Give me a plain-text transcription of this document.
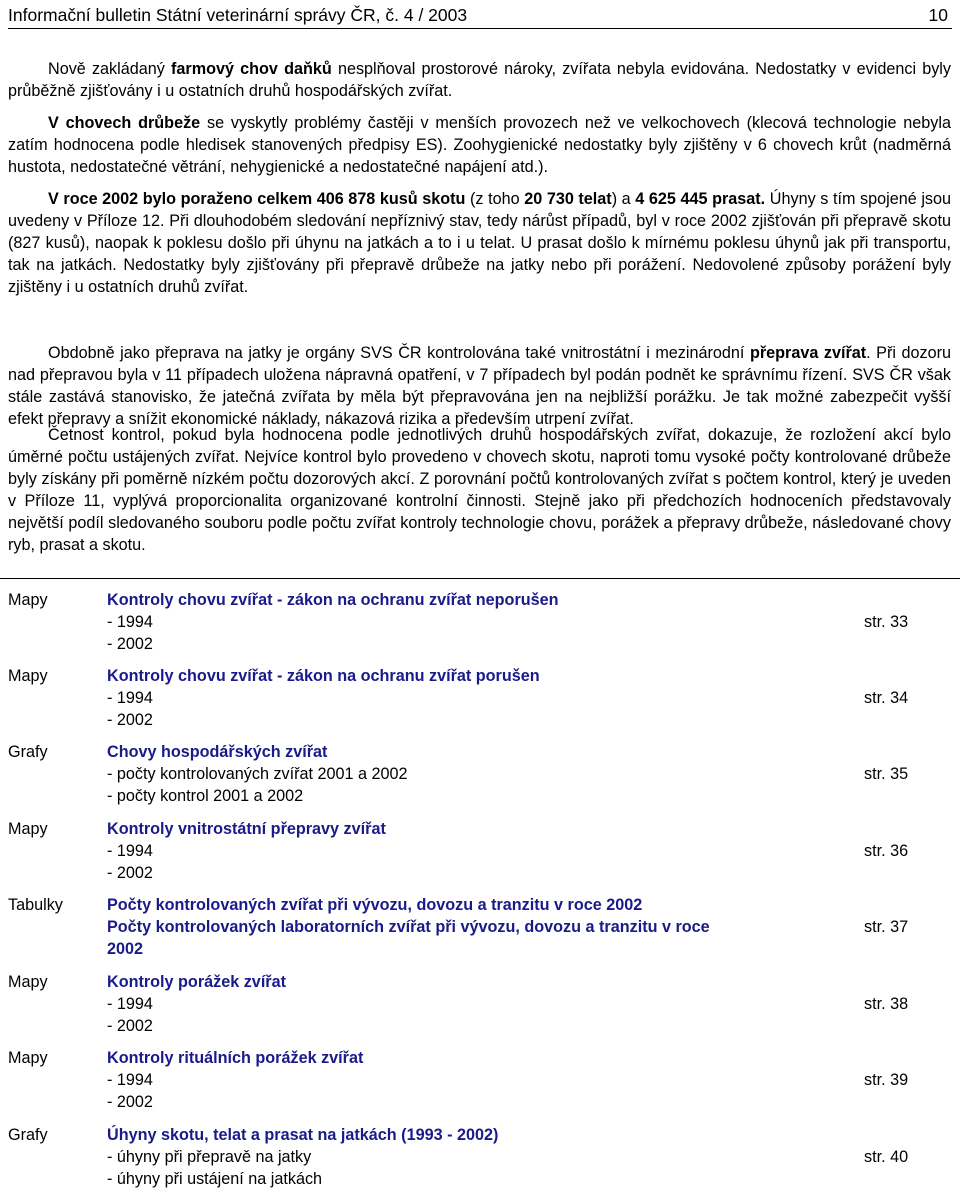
Informační bulletin Státní veterinární správy ČR, č. 4 / 2003	10

Nově zakládaný farmový chov daňků nesplňoval prostorové nároky, zvířata nebyla evidována. Nedostatky v evidenci byly průběžně zjišťovány i u ostatních druhů hospodářských zvířat.

V chovech drůbeže se vyskytly problémy častěji v menších provozech než ve velkochovech (klecová technologie nebyla zatím hodnocena podle hledisek stanovených předpisy ES). Zoohygienické nedostatky byly zjištěny v 6 chovech krůt (nadměrná hustota, nedostatečné větrání, nehygienické a nedostatečné napájení atd.).

V roce 2002 bylo poraženo celkem 406 878 kusů skotu (z toho 20 730 telat) a 4 625 445 prasat. Úhyny s tím spojené jsou uvedeny v Příloze 12. Při dlouhodobém sledování nepříznivý stav, tedy nárůst případů, byl v roce 2002 zjišťován při přepravě skotu (827 kusů), naopak k poklesu došlo při úhynu na jatkách a to i u telat. U prasat došlo k mírnému poklesu úhynů jak při transportu, tak na jatkách. Nedostatky byly zjišťovány při přepravě drůbeže na jatky nebo při porážení. Nedovolené způsoby porážení byly zjištěny i u ostatních druhů zvířat.

Obdobně jako přeprava na jatky je orgány SVS ČR kontrolována také vnitrostátní i mezinárodní přeprava zvířat. Při dozoru nad přepravou byla v 11 případech uložena nápravná opatření, v 7 případech byl podán podnět ke správnímu řízení. SVS ČR však stále zastává stanovisko, že jatečná zvířata by měla být přepravována jen na nejbližší porážku. Je tak možné zabezpečit vyšší efekt přepravy a snížit ekonomické náklady, nákazová rizika a především utrpení zvířat.

Četnost kontrol, pokud byla hodnocena podle jednotlivých druhů hospodářských zvířat, dokazuje, že rozložení akcí bylo úměrné počtu ustájených zvířat. Nejvíce kontrol bylo provedeno v chovech skotu, naproti tomu vysoké počty kontrolované drůbeže byly získány při poměrně nízkém počtu dozorových akcí. Z porovnání počtů kontrolovaných zvířat s počtem kontrol, který je uveden v Příloze 11, vyplývá proporcionalita organizované kontrolní činnosti. Stejně jako při předchozích hodnoceních představovaly největší podíl sledovaného souboru podle počtu zvířat kontroly technologie chovu, porážek a přepravy drůbeže, následované chovy ryb, prasat a skotu.

Mapy	Kontroly chovu zvířat - zákon na ochranu zvířat neporušen
- 1994
- 2002
str. 33
Mapy	Kontroly chovu zvířat - zákon na ochranu zvířat porušen
- 1994
- 2002
str. 34
Grafy	Chovy hospodářských zvířat
- počty kontrolovaných zvířat 2001 a 2002
- počty kontrol 2001 a 2002
str. 35
Mapy	Kontroly vnitrostátní přepravy zvířat
- 1994
- 2002
str. 36
Tabulky	Počty kontrolovaných zvířat při vývozu, dovozu a tranzitu v roce 2002
Počty kontrolovaných laboratorních zvířat při vývozu, dovozu a tranzitu v roce
2002
str. 37
Mapy	Kontroly porážek zvířat
- 1994
- 2002
str. 38
Mapy	Kontroly rituálních porážek zvířat
- 1994
- 2002
str. 39
Grafy	Úhyny skotu, telat a prasat na jatkách (1993 - 2002)
- úhyny při přepravě na jatky
- úhyny při ustájení na jatkách
str. 40
